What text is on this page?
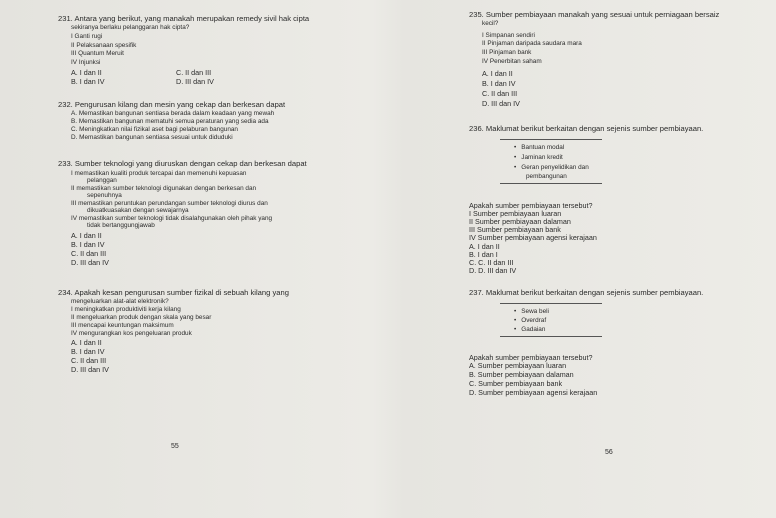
231. Antara yang berikut, yang manakah merupakan remedy sivil hak cipta
sekiranya berlaku pelanggaran hak cipta?
I Ganti rugi
II Pelaksanaan spesifik
III Quantum Meruit
IV Injunksi
A. I dan II	C. II dan III
B. I dan IV	D. III dan IV
232. Pengurusan kilang dan mesin yang cekap dan berkesan dapat
A. Memastikan bangunan sentiasa berada dalam keadaan yang mewah
B. Memastikan bangunan mematuhi semua peraturan yang sedia ada
C. Meningkatkan nilai fizikal aset bagi pelaburan bangunan
D. Memastikan bangunan sentiasa sesuai untuk diduduki
233. Sumber teknologi yang diuruskan dengan cekap dan berkesan dapat
I memastikan kualiti produk tercapai dan memenuhi kepuasan
pelanggan
II memastikan sumber teknologi digunakan dengan berkesan dan
sepenuhnya
III memastikan peruntukan perundangan sumber teknologi diurus dan
dikuatkuasakan dengan sewajarnya
IV memastikan sumber teknologi tidak disalahgunakan oleh pihak yang
tidak bertanggungjawab
A. I dan II
B. I dan IV
C. II dan III
D. III dan IV
234. Apakah kesan pengurusan sumber fizikal di sebuah kilang yang
mengeluarkan alat-alat elektronik?
I meningkatkan produktiviti kerja kilang
II mengeluarkan produk dengan skala yang besar
III mencapai keuntungan maksimum
IV mengurangkan kos pengeluaran produk
A. I dan II
B. I dan IV
C. II dan III
D. III dan IV
55
235. Sumber pembiayaan manakah yang sesuai untuk perniagaan bersaiz
kecil?
I Simpanan sendiri
II Pinjaman daripada saudara mara
III Pinjaman bank
IV Penerbitan saham
A. I dan II
B. I dan IV
C. II dan III
D. III dan IV
236. Maklumat berikut berkaitan dengan sejenis sumber pembiayaan.
• Bantuan modal
• Jaminan kredit
• Geran penyelidikan dan
pembangunan
Apakah sumber pembiayaan tersebut?
I Sumber pembiayaan luaran
II Sumber pembiayaan dalaman
III Sumber pembiayaan bank
IV Sumber pembiayaan agensi kerajaan
A. I dan II
B. I dan I
C. C. II dan III
D. D. III dan IV
237. Maklumat berikut berkaitan dengan sejenis sumber pembiayaan.
• Sewa beli
• Overdraf
• Gadaian
Apakah sumber pembiayaan tersebut?
A. Sumber pembiayaan luaran
B. Sumber pembiayaan dalaman
C. Sumber pembiayaan bank
D. Sumber pembiayaan agensi kerajaan
56
